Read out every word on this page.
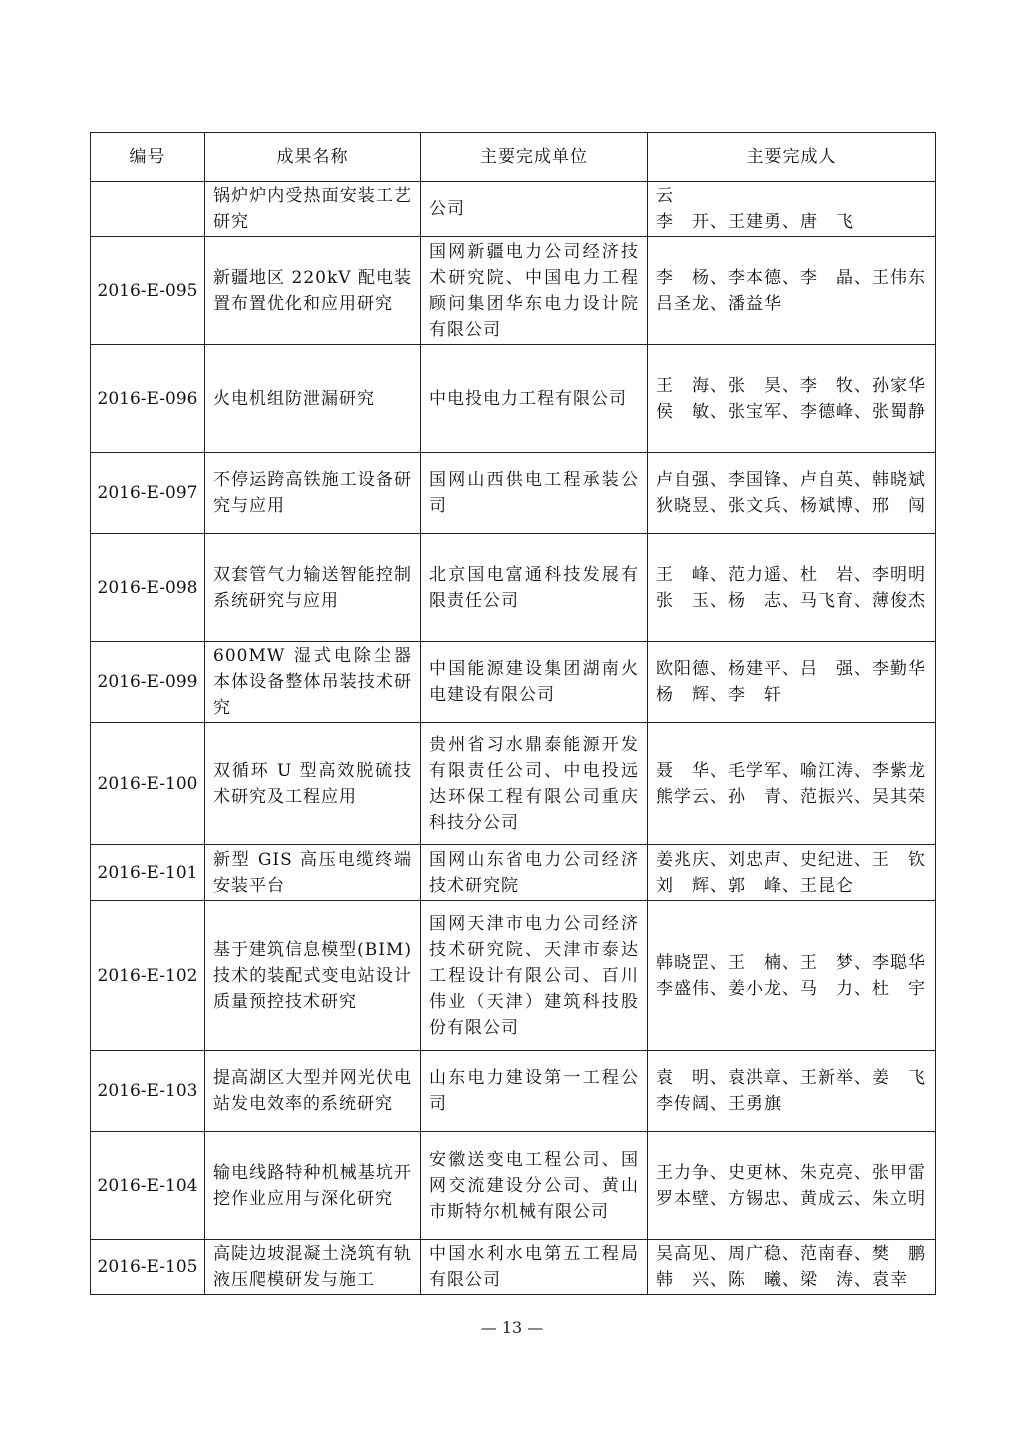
编号	成果名称	主要完成单位	主要完成人
	锅炉炉内受热面安装工艺研究	公司	云
李　开、王建勇、唐　飞

2016-E-095	新疆地区 220kV 配电装置布置优化和应用研究	国网新疆电力公司经济技术研究院、中国电力工程顾问集团华东电力设计院有限公司	李　杨、李本德、李　晶、王伟东
吕圣龙、潘益华

2016-E-096	火电机组防泄漏研究	中电投电力工程有限公司	王　海、张　昊、李　牧、孙家华
侯　敏、张宝军、李德峰、张蜀静

2016-E-097	不停运跨高铁施工设备研究与应用	国网山西供电工程承装公司	卢自强、李国锋、卢自英、韩晓斌
狄晓昱、张文兵、杨斌博、邢　闯

2016-E-098	双套管气力输送智能控制系统研究与应用	北京国电富通科技发展有限责任公司	王　峰、范力遥、杜　岩、李明明
张　玉、杨　志、马飞育、薄俊杰

2016-E-099	600MW 湿式电除尘器本体设备整体吊装技术研究	中国能源建设集团湖南火电建设有限公司	欧阳德、杨建平、吕　强、李勤华
杨　辉、李　轩

2016-E-100	双循环 U 型高效脱硫技术研究及工程应用	贵州省习水鼎泰能源开发有限责任公司、中电投远达环保工程有限公司重庆科技分公司	聂　华、毛学军、喻江涛、李紫龙
熊学云、孙　青、范振兴、吴其荣

2016-E-101	新型 GIS 高压电缆终端安装平台	国网山东省电力公司经济技术研究院	姜兆庆、刘忠声、史纪进、王　钦
刘　辉、郭　峰、王昆仑

2016-E-102	基于建筑信息模型(BIM)技术的装配式变电站设计质量预控技术研究	国网天津市电力公司经济技术研究院、天津市泰达工程设计有限公司、百川伟业（天津）建筑科技股份有限公司	韩晓罡、王　楠、王　梦、李聪华
李盛伟、姜小龙、马　力、杜　宇

2016-E-103	提高湖区大型并网光伏电站发电效率的系统研究	山东电力建设第一工程公司	袁　明、袁洪章、王新举、姜　飞
李传阔、王勇旗

2016-E-104	输电线路特种机械基坑开挖作业应用与深化研究	安徽送变电工程公司、国网交流建设分公司、黄山市斯特尔机械有限公司	王力争、史更林、朱克亮、张甲雷
罗本壁、方锡忠、黄成云、朱立明

2016-E-105	高陡边坡混凝土浇筑有轨液压爬模研发与施工	中国水利水电第五工程局有限公司	吴高见、周广稳、范南春、樊　鹏
韩　兴、陈　曦、梁　涛、袁幸
— 13 —
